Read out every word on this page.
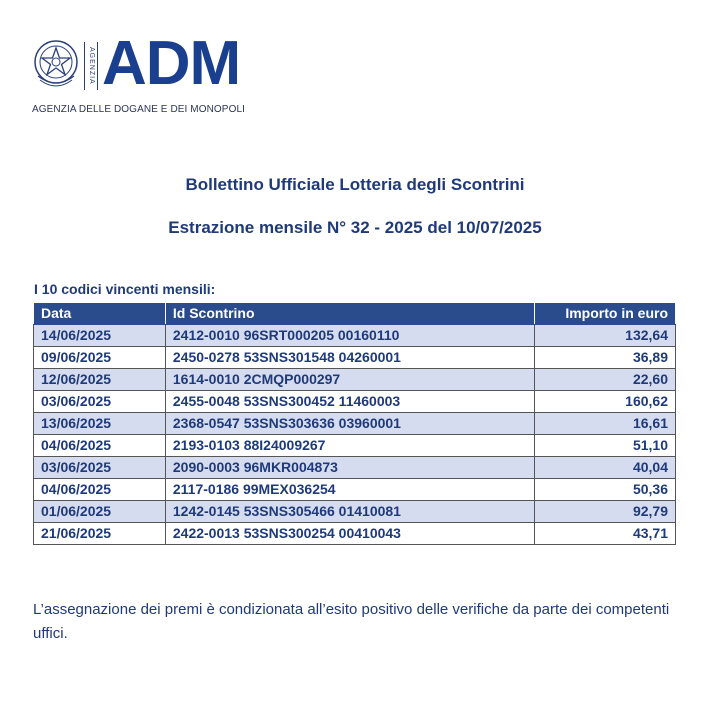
AGENZIA ADM
AGENZIA DELLE DOGANE E DEI MONOPOLI
Bollettino Ufficiale Lotteria degli Scontrini
Estrazione mensile N° 32 - 2025 del 10/07/2025
I 10 codici vincenti mensili:
Data	Id Scontrino	Importo in euro
14/06/2025	2412-0010 96SRT000205 00160110	132,64
09/06/2025	2450-0278 53SNS301548 04260001	36,89
12/06/2025	1614-0010 2CMQP000297	22,60
03/06/2025	2455-0048 53SNS300452 11460003	160,62
13/06/2025	2368-0547 53SNS303636 03960001	16,61
04/06/2025	2193-0103 88I24009267	51,10
03/06/2025	2090-0003 96MKR004873	40,04
04/06/2025	2117-0186 99MEX036254	50,36
01/06/2025	1242-0145 53SNS305466 01410081	92,79
21/06/2025	2422-0013 53SNS300254 00410043	43,71
L’assegnazione dei premi è condizionata all’esito positivo delle verifiche da parte dei competenti uffici.
